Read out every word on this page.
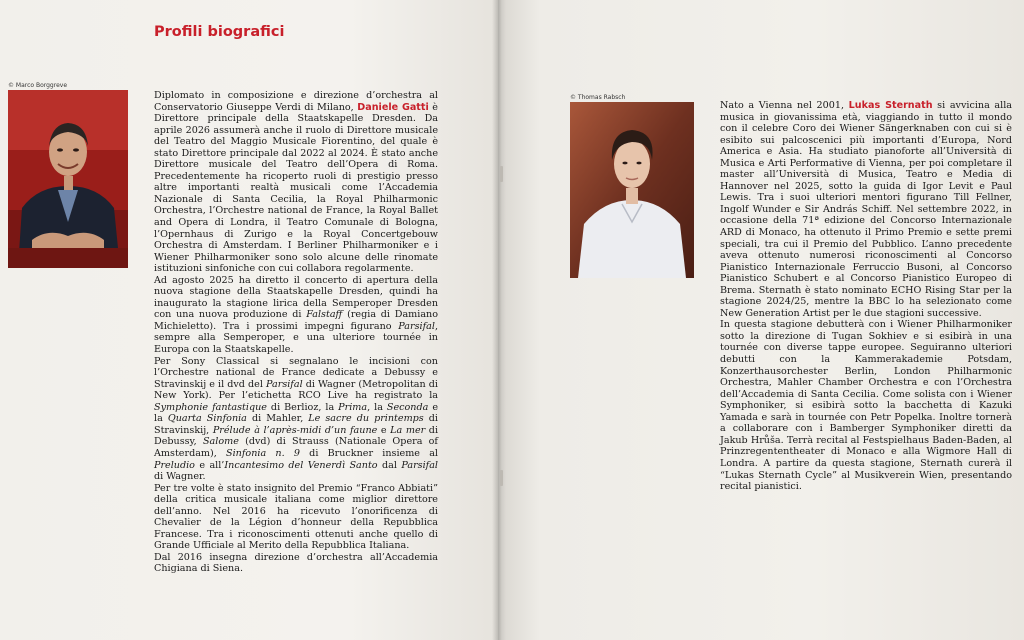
Profili biografici
© Marco Borggreve

Diplomato in composizione e direzione d’orchestra al Conservatorio Giuseppe Verdi di Milano, Daniele Gatti è Direttore principale della Staatskapelle Dresden. Da aprile 2026 assumerà anche il ruolo di Direttore musicale del Teatro del Maggio Musicale Fiorentino, del quale è stato Direttore principale dal 2022 al 2024. È stato anche Direttore musicale del Teatro dell’Opera di Roma. Precedentemente ha ricoperto ruoli di prestigio presso altre importanti realtà musicali come l’Accademia Nazionale di Santa Cecilia, la Royal Philharmonic Orchestra, l’Orchestre national de France, la Royal Ballet and Opera di Londra, il Teatro Comunale di Bologna, l’Opernhaus di Zurigo e la Royal Concertgebouw Orchestra di Amsterdam. I Berliner Philharmoniker e i Wiener Philharmoniker sono solo alcune delle rinomate istituzioni sinfoniche con cui collabora regolarmente.

Ad agosto 2025 ha diretto il concerto di apertura della nuova stagione della Staatskapelle Dresden, quindi ha inaugurato la stagione lirica della Semperoper Dresden con una nuova produzione di Falstaff (regia di Damiano Michieletto). Tra i prossimi impegni figurano Parsifal, sempre alla Semperoper, e una ulteriore tournée in Europa con la Staatskapelle.

Per Sony Classical si segnalano le incisioni con l’Orchestre national de France dedicate a Debussy e Stravinskij e il dvd del Parsifal di Wagner (Metropolitan di New York). Per l’etichetta RCO Live ha registrato la Symphonie fantastique di Berlioz, la Prima, la Seconda e la Quarta Sinfonia di Mahler, Le sacre du printemps di Stravinskij, Prélude à l’après-midi d’un faune e La mer di Debussy, Salome (dvd) di Strauss (Nationale Opera of Amsterdam), Sinfonia n. 9 di Bruckner insieme al Preludio e all’Incantesimo del Venerdì Santo dal Parsifal di Wagner.

Per tre volte è stato insignito del Premio “Franco Abbiati” della critica musicale italiana come miglior direttore dell’anno. Nel 2016 ha ricevuto l’onorificenza di Chevalier de la Légion d’honneur della Repubblica Francese. Tra i riconoscimenti ottenuti anche quello di Grande Ufficiale al Merito della Repubblica Italiana.

Dal 2016 insegna direzione d’orchestra all’Accademia Chigiana di Siena.

© Thomas Rabsch

Nato a Vienna nel 2001, Lukas Sternath si avvicina alla musica in giovanissima età, viaggiando in tutto il mondo con il celebre Coro dei Wiener Sängerknaben con cui si è esibito sui palcoscenici più importanti d’Europa, Nord America e Asia. Ha studiato pianoforte all’Università di Musica e Arti Performative di Vienna, per poi completare il master all’Università di Musica, Teatro e Media di Hannover nel 2025, sotto la guida di Igor Levit e Paul Lewis. Tra i suoi ulteriori mentori figurano Till Fellner, Ingolf Wunder e Sir András Schiff. Nel settembre 2022, in occasione della 71ª edizione del Concorso Internazionale ARD di Monaco, ha ottenuto il Primo Premio e sette premi speciali, tra cui il Premio del Pubblico. L’anno precedente aveva ottenuto numerosi riconoscimenti al Concorso Pianistico Internazionale Ferruccio Busoni, al Concorso Pianistico Schubert e al Concorso Pianistico Europeo di Brema. Sternath è stato nominato ECHO Rising Star per la stagione 2024/25, mentre la BBC lo ha selezionato come New Generation Artist per le due stagioni successive.

In questa stagione debutterà con i Wiener Philharmoniker sotto la direzione di Tugan Sokhiev e si esibirà in una tournée con diverse tappe europee. Seguiranno ulteriori debutti con la Kammerakademie Potsdam, Konzerthausorchester Berlin, London Philharmonic Orchestra, Mahler Chamber Orchestra e con l’Orchestra dell’Accademia di Santa Cecilia. Come solista con i Wiener Symphoniker, si esibirà sotto la bacchetta di Kazuki Yamada e sarà in tournée con Petr Popelka. Inoltre tornerà a collaborare con i Bamberger Symphoniker diretti da Jakub Hrůša. Terrà recital al Festspielhaus Baden-Baden, al Prinzregententheater di Monaco e alla Wigmore Hall di Londra. A partire da questa stagione, Sternath curerà il “Lukas Sternath Cycle” al Musikverein Wien, presentando recital pianistici.
